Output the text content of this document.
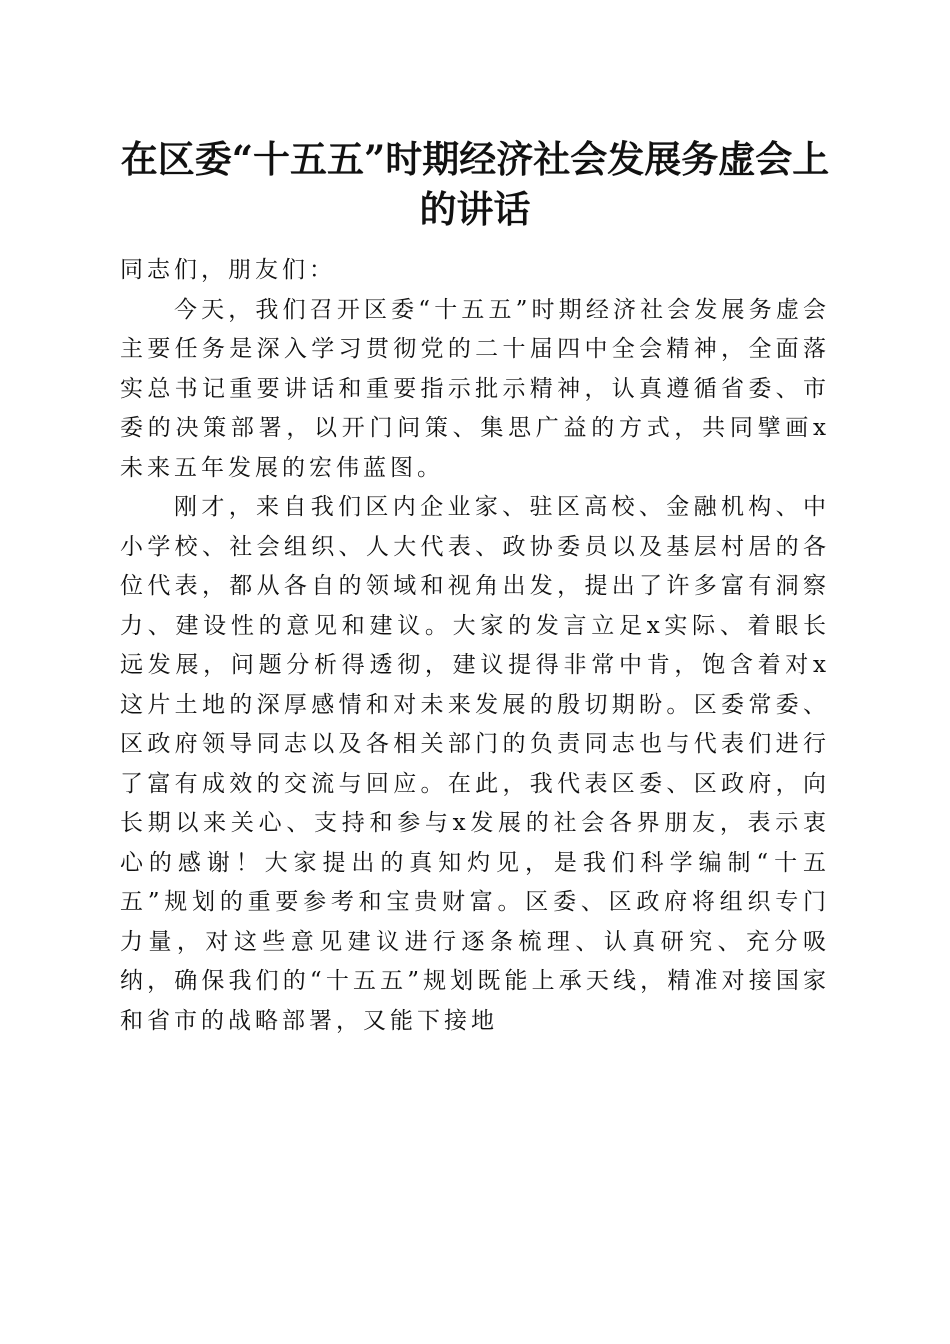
在区委“十五五”时期经济社会发展务虚会上
的讲话

同志们，朋友们：

今天，我们召开区委“十五五”时期经济社会发展务虚会主要任务是深入学习贯彻党的二十届四中全会精神，全面落实总书记重要讲话和重要指示批示精神，认真遵循省委、市委的决策部署，以开门问策、集思广益的方式，共同擘画x未来五年发展的宏伟蓝图。

刚才，来自我们区内企业家、驻区高校、金融机构、中小学校、社会组织、人大代表、政协委员以及基层村居的各位代表，都从各自的领域和视角出发，提出了许多富有洞察力、建设性的意见和建议。大家的发言立足x实际、着眼长远发展，问题分析得透彻，建议提得非常中肯，饱含着对x这片土地的深厚感情和对未来发展的殷切期盼。区委常委、区政府领导同志以及各相关部门的负责同志也与代表们进行了富有成效的交流与回应。在此，我代表区委、区政府，向长期以来关心、支持和参与x发展的社会各界朋友，表示衷心的感谢！大家提出的真知灼见，是我们科学编制“十五五”规划的重要参考和宝贵财富。区委、区政府将组织专门力量，对这些意见建议进行逐条梳理、认真研究、充分吸纳，确保我们的“十五五”规划既能上承天线，精准对接国家和省市的战略部署，又能下接地
